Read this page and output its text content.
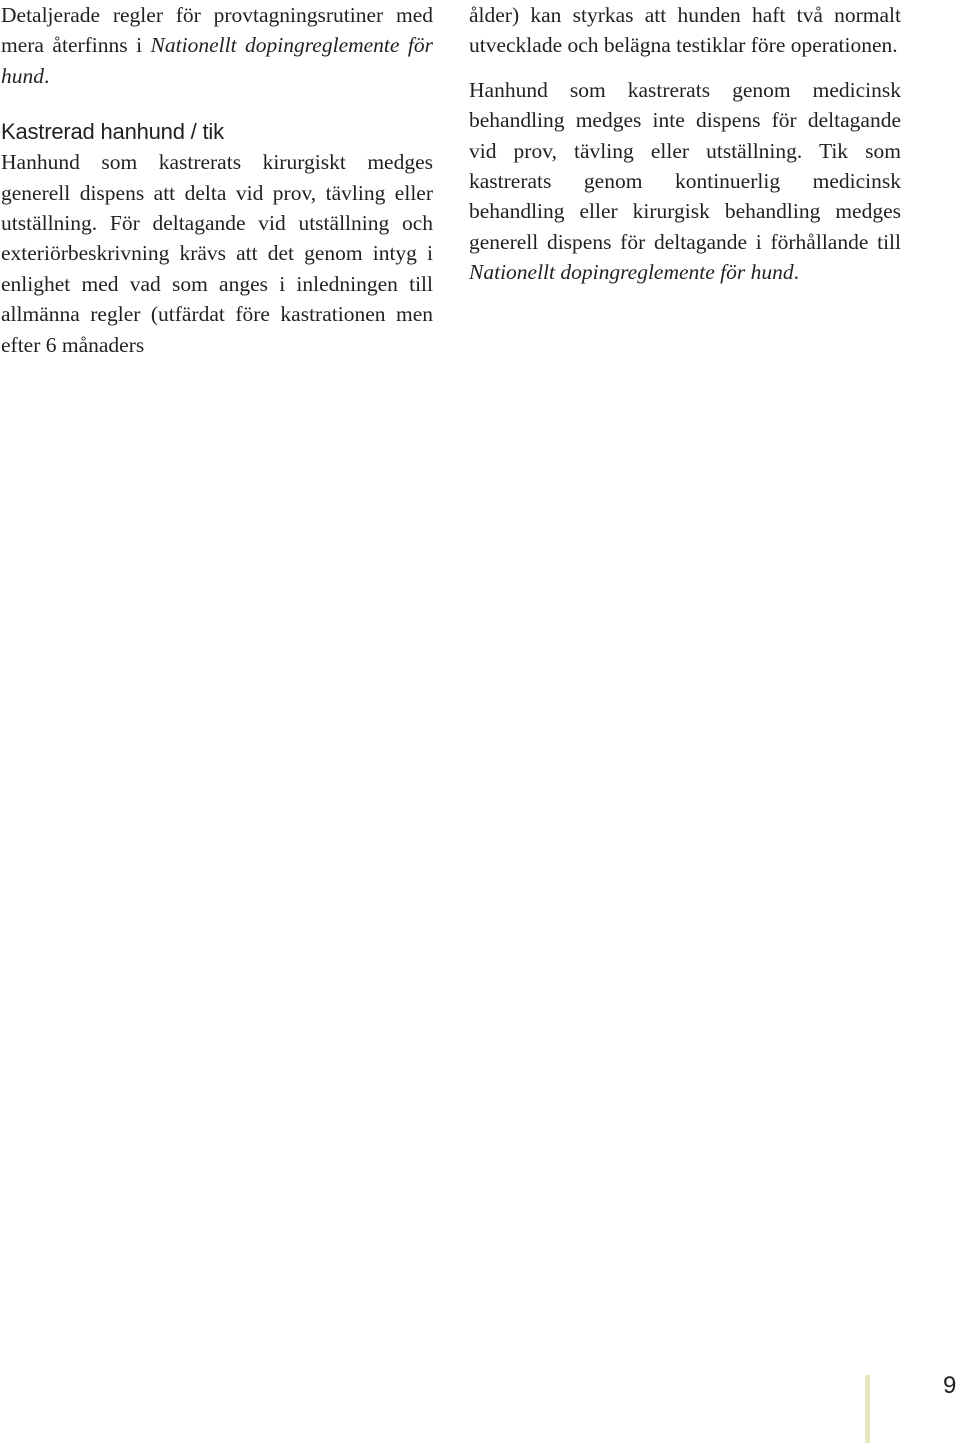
Detaljerade regler för provtagningsrutiner med mera återfinns i Nationellt dopingreglemente för hund.

Kastrerad hanhund / tik

Hanhund som kastrerats kirurgiskt medges generell dispens att delta vid prov, tävling eller utställning. För deltagande vid utställning och exteriörbeskrivning krävs att det genom intyg i enlighet med vad som anges i inledningen till allmänna regler (utfärdat före kastrationen men efter 6 månaders

ålder) kan styrkas att hunden haft två normalt utvecklade och belägna testiklar före operationen.

Hanhund som kastrerats genom medicinsk behandling medges inte dispens för deltagande vid prov, tävling eller utställning. Tik som kastrerats genom kontinuerlig medicinsk behandling eller kirurgisk behandling medges generell dispens för deltagande i förhållande till Nationellt dopingreglemente för hund.

9
